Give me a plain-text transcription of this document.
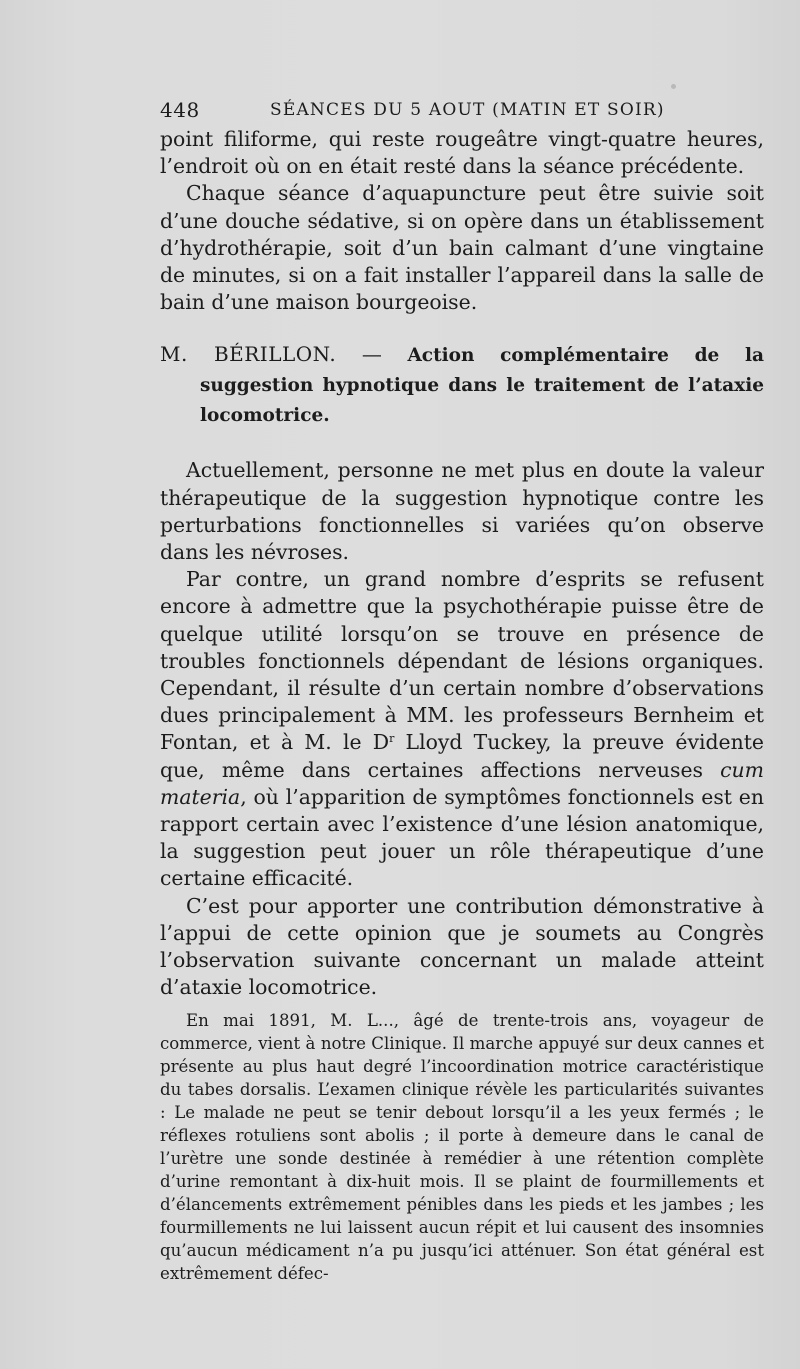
448	SÉANCES DU 5 AOUT (MATIN ET SOIR)

point filiforme, qui reste rougeâtre vingt-quatre heures, l’endroit où on en était resté dans la séance précédente.

Chaque séance d’aquapuncture peut être suivie soit d’une douche sédative, si on opère dans un établissement d’hydrothérapie, soit d’un bain calmant d’une vingtaine de minutes, si on a fait installer l’appareil dans la salle de bain d’une maison bourgeoise.

M. BÉRILLON. — Action complémentaire de la suggestion hypnotique dans le traitement de l’ataxie locomotrice.

Actuellement, personne ne met plus en doute la valeur thérapeutique de la suggestion hypnotique contre les perturbations fonctionnelles si variées qu’on observe dans les névroses.

Par contre, un grand nombre d’esprits se refusent encore à admettre que la psychothérapie puisse être de quelque utilité lorsqu’on se trouve en présence de troubles fonctionnels dépendant de lésions organiques. Cependant, il résulte d’un certain nombre d’observations dues principalement à MM. les professeurs Bernheim et Fontan, et à M. le $D^r$ Lloyd Tuckey, la preuve évidente que, même dans certaines affections nerveuses cum materia, où l’apparition de symptômes fonctionnels est en rapport certain avec l’existence d’une lésion anatomique, la suggestion peut jouer un rôle thérapeutique d’une certaine efficacité.

C’est pour apporter une contribution démonstrative à l’appui de cette opinion que je soumets au Congrès l’observation suivante concernant un malade atteint d’ataxie locomotrice.

En mai 1891, M. L..., âgé de trente-trois ans, voyageur de commerce, vient à notre Clinique. Il marche appuyé sur deux cannes et présente au plus haut degré l’incoordination motrice caractéristique du tabes dorsalis. L’examen clinique révèle les particularités suivantes : Le malade ne peut se tenir debout lorsqu’il a les yeux fermés ; le réflexes rotuliens sont abolis ; il porte à demeure dans le canal de l’urètre une sonde destinée à remédier à une rétention complète d’urine remontant à dix-huit mois. Il se plaint de fourmillements et d’élancements extrêmement pénibles dans les pieds et les jambes ; les fourmillements ne lui laissent aucun répit et lui causent des insomnies qu’aucun médicament n’a pu jusqu’ici atténuer. Son état général est extrêmement défec-
